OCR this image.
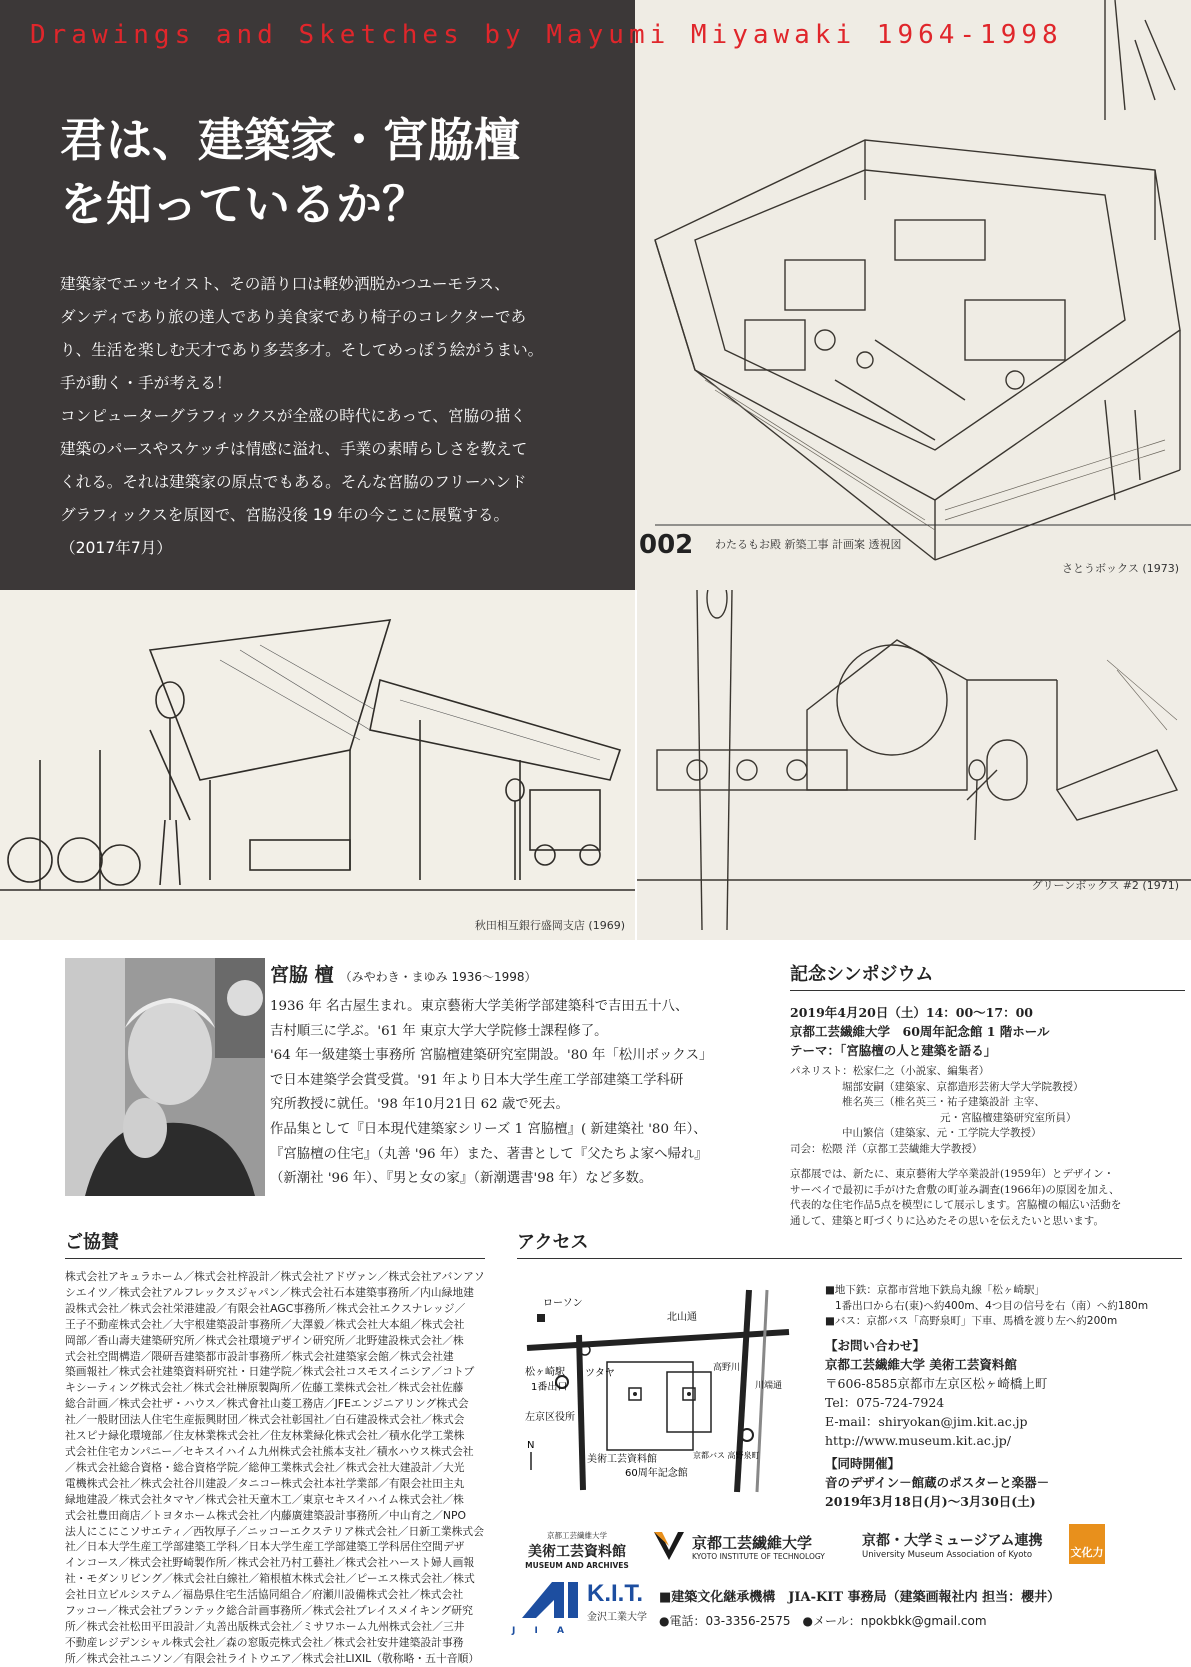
002 わたるもお殿 新築工事 計画案 透視図
さとうボックス (1973)
Drawings and Sketches by Mayumi Miyawaki 1964-1998
君は、建築家・宮脇檀
を知っているか？
建築家でエッセイスト、その語り口は軽妙洒脱かつユーモラス、
ダンディであり旅の達人であり美食家であり椅子のコレクターであ
り、生活を楽しむ天才であり多芸多才。そしてめっぽう絵がうまい。
手が動く・手が考える！
コンピューターグラフィックスが全盛の時代にあって、宮脇の描く
建築のパースやスケッチは情感に溢れ、手業の素晴らしさを教えて
くれる。それは建築家の原点でもある。そんな宮脇のフリーハンド
グラフィックスを原図で、宮脇没後 19 年の今ここに展覧する。
（2017年7月）
秋田相互銀行盛岡支店 (1969)
グリーンボックス #2 (1971)
宮脇 檀 （みやわき・まゆみ 1936〜1998）
1936 年 名古屋生まれ。東京藝術大学美術学部建築科で吉田五十八、
吉村順三に学ぶ。'61 年 東京大学大学院修士課程修了。
'64 年一級建築士事務所 宮脇檀建築研究室開設。'80 年「松川ボックス」
で日本建築学会賞受賞。'91 年より日本大学生産工学部建築工学科研
究所教授に就任。'98 年10月21日 62 歳で死去。
作品集として『日本現代建築家シリーズ 1 宮脇檀』( 新建築社 '80 年）、
『宮脇檀の住宅』（丸善 '96 年）また、著書として『父たちよ家へ帰れ』
（新潮社 '96 年）、『男と女の家』（新潮選書'98 年）など多数。
記念シンポジウム
2019年4月20日（土）14：00〜17：00
京都工芸繊維大学　60周年記念館 1 階ホール
テーマ：「宮脇檀の人と建築を語る」
パネリスト：松家仁之（小説家、編集者）
堀部安嗣（建築家、京都造形芸術大学大学院教授）
椎名英三（椎名英三・祐子建築設計 主宰、
元・宮脇檀建築研究室所員）
中山繁信（建築家、元・工学院大学教授）
司会：松隈 洋（京都工芸繊維大学教授）
京都展では、新たに、東京藝術大学卒業設計(1959年）とデザイン・
サーベイで最初に手がけた倉敷の町並み調査(1966年)の原図を加え、
代表的な住宅作品5点を模型にして展示します。宮脇檀の幅広い活動を
通して、建築と町づくりに込めたその思いを伝えたいと思います。
ご協賛
株式会社アキュラホーム／株式会社梓設計／株式会社アドヴァン／株式会社アバンアソ
シエイツ／株式会社アルフレックスジャパン／株式会社石本建築事務所／内山緑地建
設株式会社／株式会社栄港建設／有限会社AGC事務所／株式会社エクスナレッジ／
王子不動産株式会社／大宇根建築設計事務所／大澤毅／株式会社大本組／株式会社
岡部／香山壽夫建築研究所／株式会社環境デザイン研究所／北野建設株式会社／株
式会社空間構造／隈研吾建築都市設計事務所／株式会社建築家会館／株式会社建
築画報社／株式会社建築資料研究社・日建学院／株式会社コスモスイニシア／コトブ
キシーティング株式会社／株式会社榊原製陶所／佐藤工業株式会社／株式会社佐藤
総合計画／株式会社ザ・ハウス／株式會社山菱工務店／JFEエンジニアリング株式会
社／一般財団法人住宅生産振興財団／株式会社彰国社／白石建設株式会社／株式会
社スピナ緑化環境部／住友林業株式会社／住友林業緑化株式会社／積水化学工業株
式会社住宅カンパニー／セキスイハイム九州株式会社熊本支社／積水ハウス株式会社
／株式会社総合資格・総合資格学院／総伸工業株式会社／株式会社大建設計／大光
電機株式会社／株式会社谷川建設／タニコー株式会社本社学業部／有限会社田主丸
緑地建設／株式会社タマヤ／株式会社天童木工／東京セキスイハイム株式会社／株
式会社豊田商店／トヨタホーム株式会社／内藤廣建築設計事務所／中山育之／NPO
法人にこにこソサエティ／西牧厚子／ニッコーエクステリア株式会社／日新工業株式会
社／日本大学生産工学部建築工学科／日本大学生産工学部建築工学科居住空間デザ
インコース／株式会社野崎製作所／株式会社乃村工藝社／株式会社ハースト婦人画報
社・モダンリビング／株式会社白線社／箱根植木株式会社／ピーエス株式会社／株式
会社日立ビルシステム／福島県住宅生活協同組合／府瀬川設備株式会社／株式会社
フッコー／株式会社プランテック総合計画事務所／株式会社プレイスメイキング研究
所／株式会社松田平田設計／丸善出版株式会社／ミサワホーム九州株式会社／三井
不動産レジデンシャル株式会社／森の窓販売株式会社／株式会社安井建築設計事務
所／株式会社ユニソン／有限会社ライトウエア／株式会社LIXIL（敬称略・五十音順）
アクセス
ローソン
北山通
松ヶ崎駅
1番出口
左京区役所
ツタヤ
美術工芸資料館
60周年記念館
高野川
川端通
京都バス 高野泉町
N
■地下鉄：京都市営地下鉄烏丸線「松ヶ崎駅」
1番出口から右(東)へ約400m、4つ目の信号を右（南）へ約180m
■バス：京都バス「高野泉町」下車、馬橋を渡り左へ約200m
【お問い合わせ】
京都工芸繊維大学 美術工芸資料館
〒606-8585京都市左京区松ヶ崎橋上町
Tel：075-724-7924
E-mail：shiryokan@jim.kit.ac.jp
http://www.museum.kit.ac.jp/
【同時開催】
音のデザイン－館蔵のポスターと楽器－
2019年3月18日(月)〜3月30日(土)
京都工芸繊維大学
美術工芸資料館
MUSEUM AND ARCHIVES
京都工芸繊維大学
KYOTO INSTITUTE OF TECHNOLOGY
京都・大学ミュージアム連携
University Museum Association of Kyoto	文化力
J I A
K.I.T.
金沢工業大学
■建築文化継承機構　JIA-KIT 事務局（建築画報社内 担当：櫻井）
●電話：03-3356-2575　●メール：npokbkk@gmail.com
